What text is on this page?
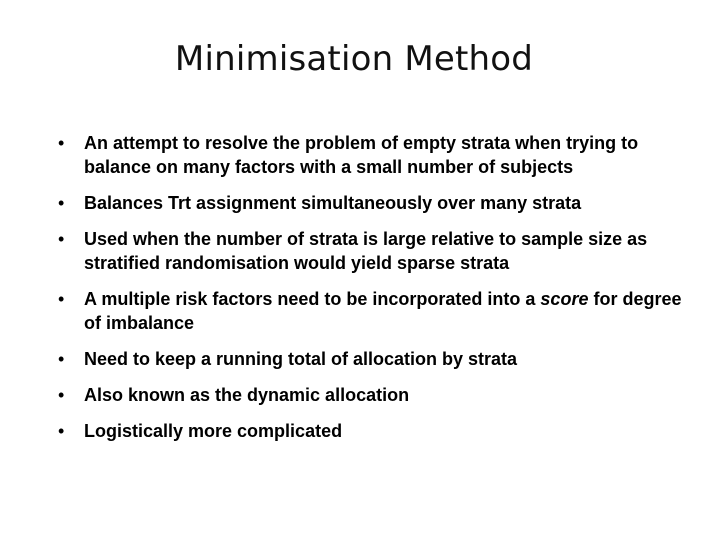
Minimisation Method
• An attempt to resolve the problem of empty strata when trying to balance on many factors with a small number of subjects
• Balances Trt assignment simultaneously over many strata
• Used when the number of strata is large relative to sample size as stratified randomisation would yield sparse strata
• A multiple risk factors need to be incorporated into a score for degree of imbalance
• Need to keep a running total of allocation by strata
• Also known as the dynamic allocation
• Logistically more complicated
